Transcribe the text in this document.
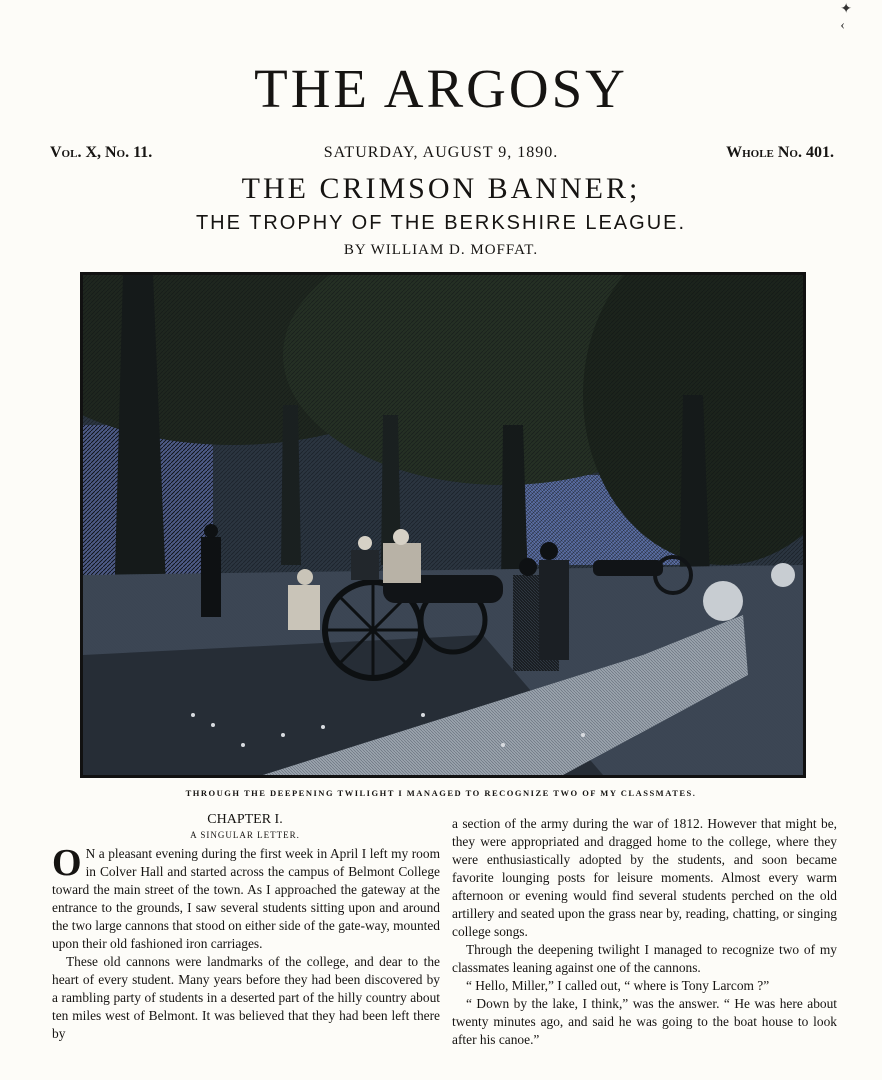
✦
‹
THE ARGOSY
Vol. X, No. 11.	SATURDAY, AUGUST 9, 1890.	Whole No. 401.
THE CRIMSON BANNER;
THE TROPHY OF THE BERKSHIRE LEAGUE.
BY WILLIAM D. MOFFAT.
THROUGH THE DEEPENING TWILIGHT I MANAGED TO RECOGNIZE TWO OF MY CLASSMATES.
CHAPTER I.
A SINGULAR LETTER.

O N a pleasant evening during the first week in April I left my room in Colver Hall and started across the campus of Belmont College toward the main street of the town. As I approached the gateway at the entrance to the grounds, I saw several students sitting upon and around the two large cannons that stood on either side of the gate-way, mounted upon their old fashioned iron carriages.

These old cannons were landmarks of the college, and dear to the heart of every student. Many years before they had been discovered by a rambling party of students in a deserted part of the hilly country about ten miles west of Belmont. It was believed that they had been left there by

a section of the army during the war of 1812. However that might be, they were appropriated and dragged home to the college, where they were enthusiastically adopted by the students, and soon became favorite lounging posts for leisure moments. Almost every warm afternoon or evening would find several students perched on the old artillery and seated upon the grass near by, reading, chatting, or singing college songs.

Through the deepening twilight I managed to recognize two of my classmates leaning against one of the cannons.

“ Hello, Miller,” I called out, “ where is Tony Larcom ?”

“ Down by the lake, I think,” was the answer. “ He was here about twenty minutes ago, and said he was going to the boat house to look after his canoe.”
